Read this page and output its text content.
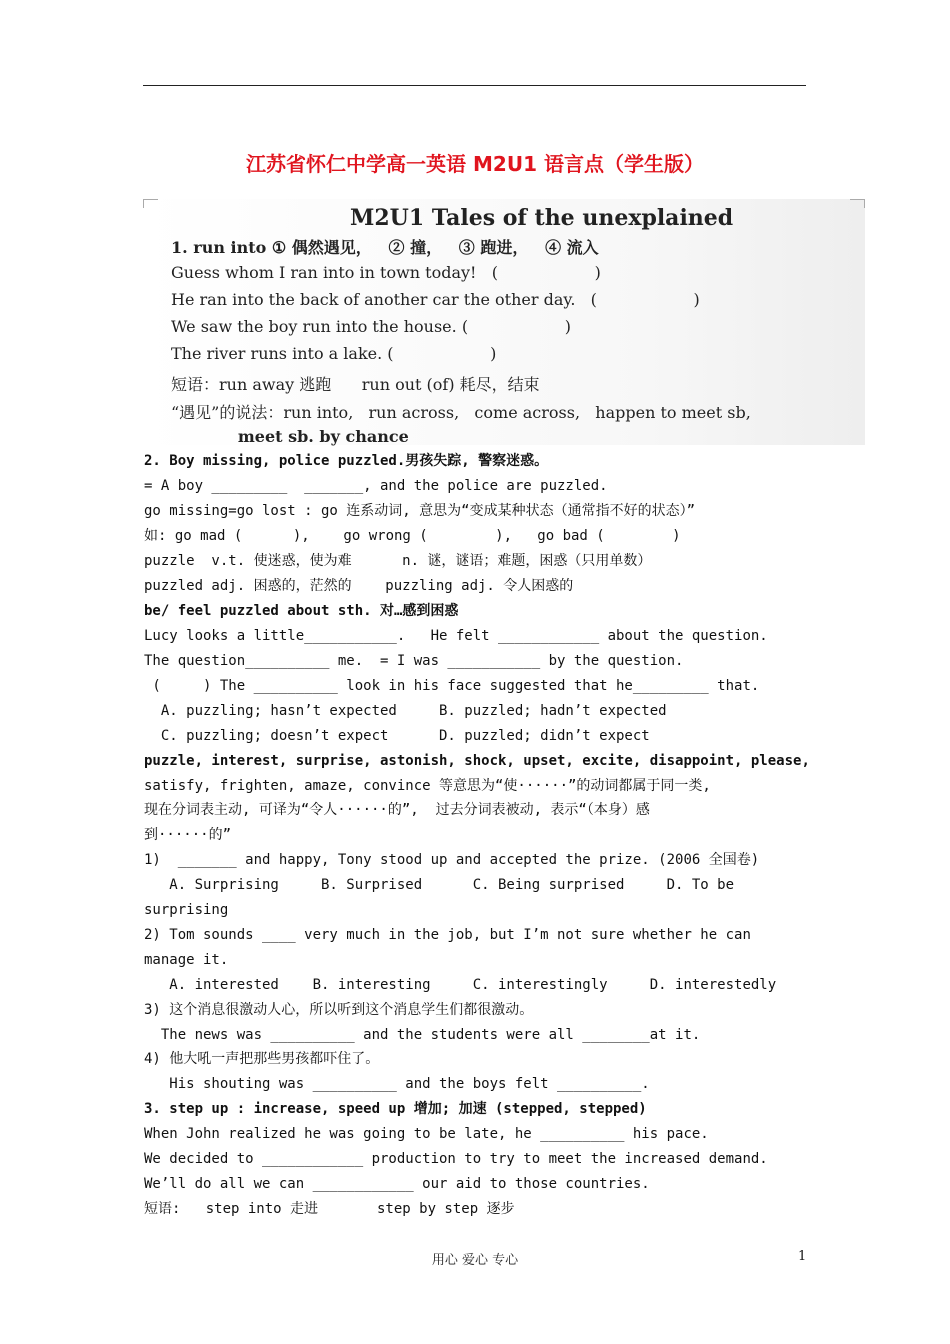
江苏省怀仁中学高一英语 M2U1 语言点（学生版）
M2U1 Tales of the unexplained
1. run into ① 偶然遇见，   ② 撞，   ③ 跑进，   ④ 流入
Guess whom I ran into in town today!   (                   )
He ran into the back of another car the other day.   (                   )
We saw the boy run into the house. (                   )
The river runs into a lake. (                   )
短语：run away 逃跑      run out (of) 耗尽，结束
“遇见”的说法：run into,   run across,   come across,   happen to meet sb,
meet sb. by chance
2. Boy missing, police puzzled.男孩失踪, 警察迷惑。
= A boy _________  _______, and the police are puzzled.
go missing=go lost : go 连系动词, 意思为“变成某种状态（通常指不好的状态）”
如: go mad (      ),    go wrong (        ),   go bad (        )
puzzle  v.t. 使迷惑，使为难      n. 谜，谜语；难题，困惑（只用单数）
puzzled adj. 困惑的，茫然的    puzzling adj. 令人困惑的
be/ feel puzzled about sth. 对…感到困惑
Lucy looks a little___________.   He felt ____________ about the question.
The question__________ me.  = I was ___________ by the question.
(     ) The __________ look in his face suggested that he_________ that.
A. puzzling; hasn’t expected     B. puzzled; hadn’t expected
C. puzzling; doesn’t expect      D. puzzled; didn’t expect
puzzle, interest, surprise, astonish, shock, upset, excite, disappoint, please,
satisfy, frighten, amaze, convince 等意思为“使······”的动词都属于同一类,
现在分词表主动, 可译为“令人······的”,  过去分词表被动, 表示“（本身）感
到······的”
1)  _______ and happy, Tony stood up and accepted the prize. (2006 全国卷)
A. Surprising     B. Surprised      C. Being surprised     D. To be
surprising
2) Tom sounds ____ very much in the job, but I’m not sure whether he can
manage it.
A. interested    B. interesting     C. interestingly     D. interestedly
3) 这个消息很激动人心，所以听到这个消息学生们都很激动。
The news was __________ and the students were all ________at it.
4) 他大吼一声把那些男孩都吓住了。
His shouting was __________ and the boys felt __________.
3. step up : increase, speed up 增加; 加速 (stepped, stepped)
When John realized he was going to be late, he __________ his pace.
We decided to ____________ production to try to meet the increased demand.
We’ll do all we can ____________ our aid to those countries.
短语:   step into 走进       step by step 逐步
用心 爱心 专心	1
